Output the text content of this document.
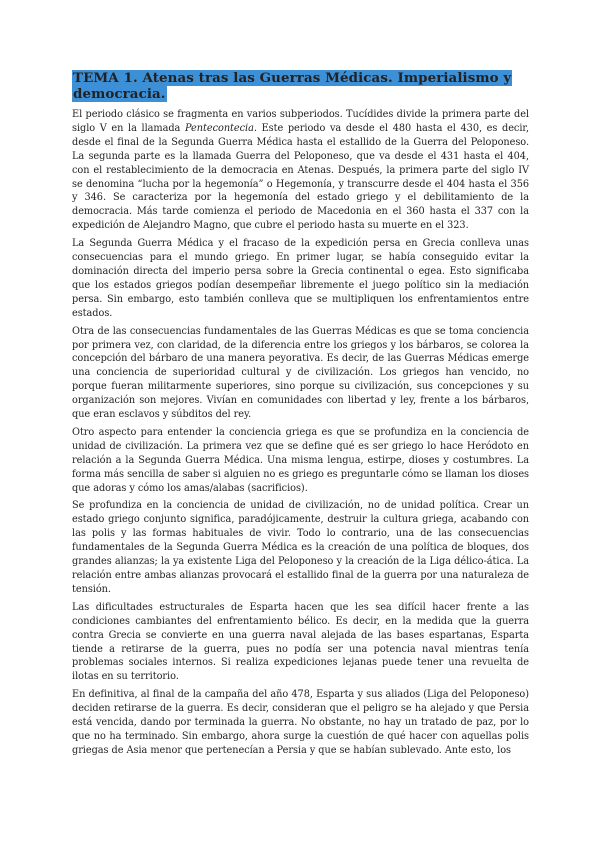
TEMA 1. Atenas tras las Guerras Médicas. Imperialismo y democracia.

El periodo clásico se fragmenta en varios subperiodos. Tucídides divide la primera parte del siglo V en la llamada Pentecontecia. Este periodo va desde el 480 hasta el 430, es decir, desde el final de la Segunda Guerra Médica hasta el estallido de la Guerra del Peloponeso. La segunda parte es la llamada Guerra del Peloponeso, que va desde el 431 hasta el 404, con el restablecimiento de la democracia en Atenas. Después, la primera parte del siglo IV se denomina “lucha por la hegemonía” o Hegemonía, y transcurre desde el 404 hasta el 356 y 346. Se caracteriza por la hegemonía del estado griego y el debilitamiento de la democracia. Más tarde comienza el periodo de Macedonia en el 360 hasta el 337 con la expedición de Alejandro Magno, que cubre el periodo hasta su muerte en el 323.

La Segunda Guerra Médica y el fracaso de la expedición persa en Grecia conlleva unas consecuencias para el mundo griego. En primer lugar, se había conseguido evitar la dominación directa del imperio persa sobre la Grecia continental o egea. Esto significaba que los estados griegos podían desempeñar libremente el juego político sin la mediación persa. Sin embargo, esto también conlleva que se multipliquen los enfrentamientos entre estados.

Otra de las consecuencias fundamentales de las Guerras Médicas es que se toma conciencia por primera vez, con claridad, de la diferencia entre los griegos y los bárbaros, se colorea la concepción del bárbaro de una manera peyorativa. Es decir, de las Guerras Médicas emerge una conciencia de superioridad cultural y de civilización. Los griegos han vencido, no porque fueran militarmente superiores, sino porque su civilización, sus concepciones y su organización son mejores. Vivían en comunidades con libertad y ley, frente a los bárbaros, que eran esclavos y súbditos del rey.

Otro aspecto para entender la conciencia griega es que se profundiza en la conciencia de unidad de civilización. La primera vez que se define qué es ser griego lo hace Heródoto en relación a la Segunda Guerra Médica. Una misma lengua, estirpe, dioses y costumbres. La forma más sencilla de saber si alguien no es griego es preguntarle cómo se llaman los dioses que adoras y cómo los amas/alabas (sacrificios).

Se profundiza en la conciencia de unidad de civilización, no de unidad política. Crear un estado griego conjunto significa, paradójicamente, destruir la cultura griega, acabando con las polis y las formas habituales de vivir. Todo lo contrario, una de las consecuencias fundamentales de la Segunda Guerra Médica es la creación de una política de bloques, dos grandes alianzas; la ya existente Liga del Peloponeso y la creación de la Liga délico-ática. La relación entre ambas alianzas provocará el estallido final de la guerra por una naturaleza de tensión.

Las dificultades estructurales de Esparta hacen que les sea difícil hacer frente a las condiciones cambiantes del enfrentamiento bélico. Es decir, en la medida que la guerra contra Grecia se convierte en una guerra naval alejada de las bases espartanas, Esparta tiende a retirarse de la guerra, pues no podía ser una potencia naval mientras tenía problemas sociales internos. Si realiza expediciones lejanas puede tener una revuelta de ilotas en su territorio.

En definitiva, al final de la campaña del año 478, Esparta y sus aliados (Liga del Peloponeso) deciden retirarse de la guerra. Es decir, consideran que el peligro se ha alejado y que Persia está vencida, dando por terminada la guerra. No obstante, no hay un tratado de paz, por lo que no ha terminado. Sin embargo, ahora surge la cuestión de qué hacer con aquellas polis griegas de Asia menor que pertenecían a Persia y que se habían sublevado. Ante esto, los
